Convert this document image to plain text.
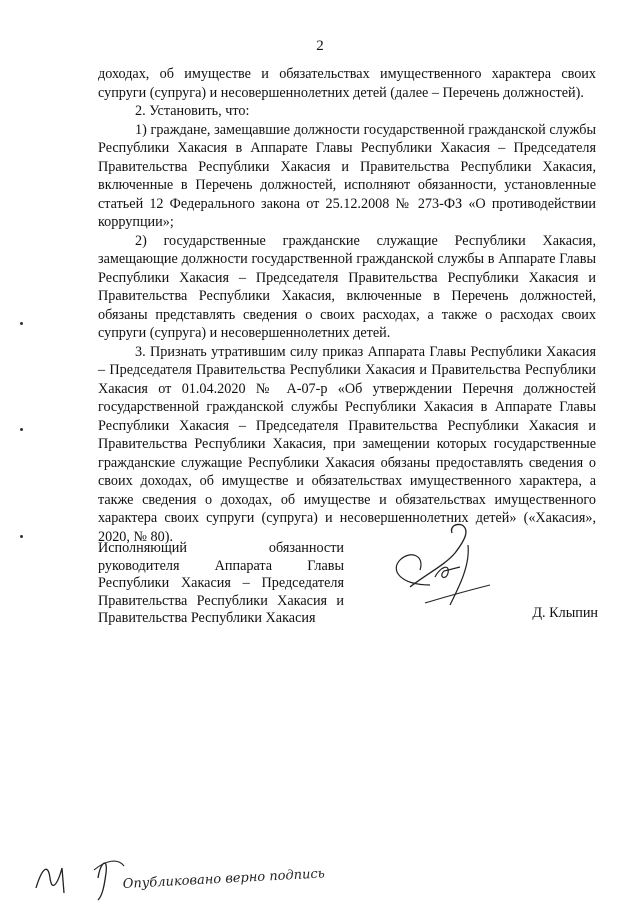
2

доходах, об имуществе и обязательствах имущественного характера своих супруги (супруга) и несовершеннолетних детей (далее – Перечень должностей).

2. Установить, что:

1) граждане, замещавшие должности государственной гражданской службы Республики Хакасия в Аппарате Главы Республики Хакасия – Председателя Правительства Республики Хакасия и Правительства Республики Хакасия, включенные в Перечень должностей, исполняют обязанности, установленные статьей 12 Федерального закона от 25.12.2008 № 273-ФЗ «О противодействии коррупции»;

2) государственные гражданские служащие Республики Хакасия, замещающие должности государственной гражданской службы в Аппарате Главы Республики Хакасия – Председателя Правительства Республики Хакасия и Правительства Республики Хакасия, включенные в Перечень должностей, обязаны представлять сведения о своих расходах, а также о расходах своих супруги (супруга) и несовершеннолетних детей.

3. Признать утратившим силу приказ Аппарата Главы Республики Хакасия – Председателя Правительства Республики Хакасия и Правительства Республики Хакасия от 01.04.2020 № А-07-р «Об утверждении Перечня должностей государственной гражданской службы Республики Хакасия в Аппарате Главы Республики Хакасия – Председателя Правительства Республики Хакасия и Правительства Республики Хакасия, при замещении которых государственные гражданские служащие Республики Хакасия обязаны предоставлять сведения о своих доходах, об имуществе и обязательствах имущественного характера, а также сведения о доходах, об имуществе и обязательствах имущественного характера своих супруги (супруга) и несовершеннолетних детей» («Хакасия», 2020, № 80).

Исполняющий обязанности
руководителя Аппарата Главы
Республики Хакасия – Председателя
Правительства Республики Хакасия и
Правительства Республики Хакасия	Д. Клыпин
Опубликовано верно подпись
